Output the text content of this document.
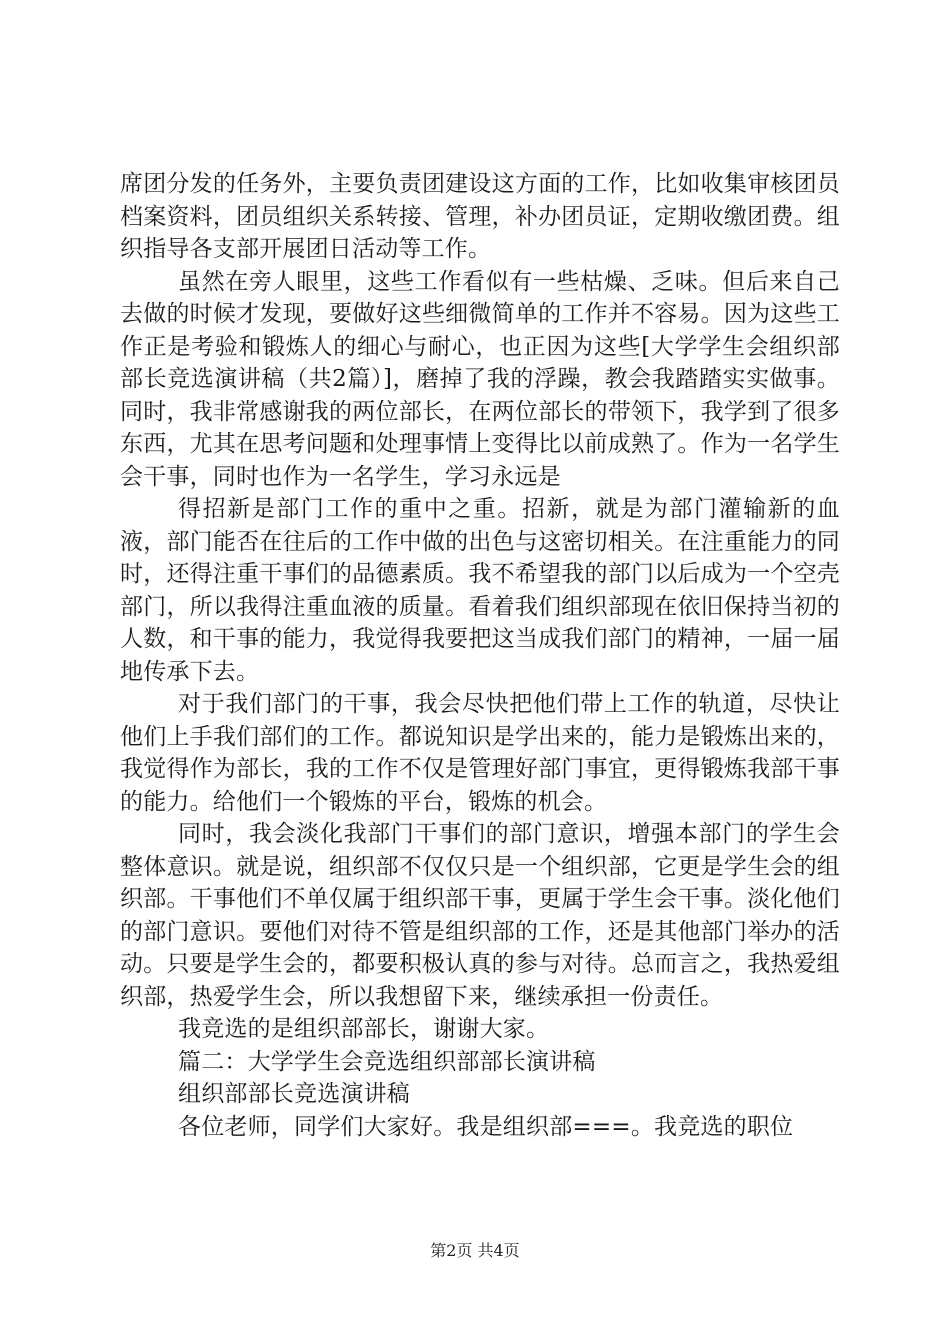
席团分发的任务外，主要负责团建设这方面的工作，比如收集审核团员档案资料，团员组织关系转接、管理，补办团员证，定期收缴团费。组织指导各支部开展团日活动等工作。

虽然在旁人眼里，这些工作看似有一些枯燥、乏味。但后来自己去做的时候才发现，要做好这些细微简单的工作并不容易。因为这些工作正是考验和锻炼人的细心与耐心，也正因为这些[大学学生会组织部部长竞选演讲稿（共2篇）]，磨掉了我的浮躁，教会我踏踏实实做事。同时，我非常感谢我的两位部长，在两位部长的带领下，我学到了很多东西，尤其在思考问题和处理事情上变得比以前成熟了。作为一名学生会干事，同时也作为一名学生，学习永远是

得招新是部门工作的重中之重。招新，就是为部门灌输新的血液，部门能否在往后的工作中做的出色与这密切相关。在注重能力的同时，还得注重干事们的品德素质。我不希望我的部门以后成为一个空壳部门，所以我得注重血液的质量。看着我们组织部现在依旧保持当初的人数，和干事的能力，我觉得我要把这当成我们部门的精神，一届一届地传承下去。

对于我们部门的干事，我会尽快把他们带上工作的轨道，尽快让他们上手我们部们的工作。都说知识是学出来的，能力是锻炼出来的，我觉得作为部长，我的工作不仅是管理好部门事宜，更得锻炼我部干事的能力。给他们一个锻炼的平台，锻炼的机会。

同时，我会淡化我部门干事们的部门意识，增强本部门的学生会整体意识。就是说，组织部不仅仅只是一个组织部，它更是学生会的组织部。干事他们不单仅属于组织部干事，更属于学生会干事。淡化他们的部门意识。要他们对待不管是组织部的工作，还是其他部门举办的活动。只要是学生会的，都要积极认真的参与对待。总而言之，我热爱组织部，热爱学生会，所以我想留下来，继续承担一份责任。

我竞选的是组织部部长，谢谢大家。

篇二：大学学生会竞选组织部部长演讲稿

组织部部长竞选演讲稿

各位老师，同学们大家好。我是组织部===。我竞选的职位

第2页 共4页
